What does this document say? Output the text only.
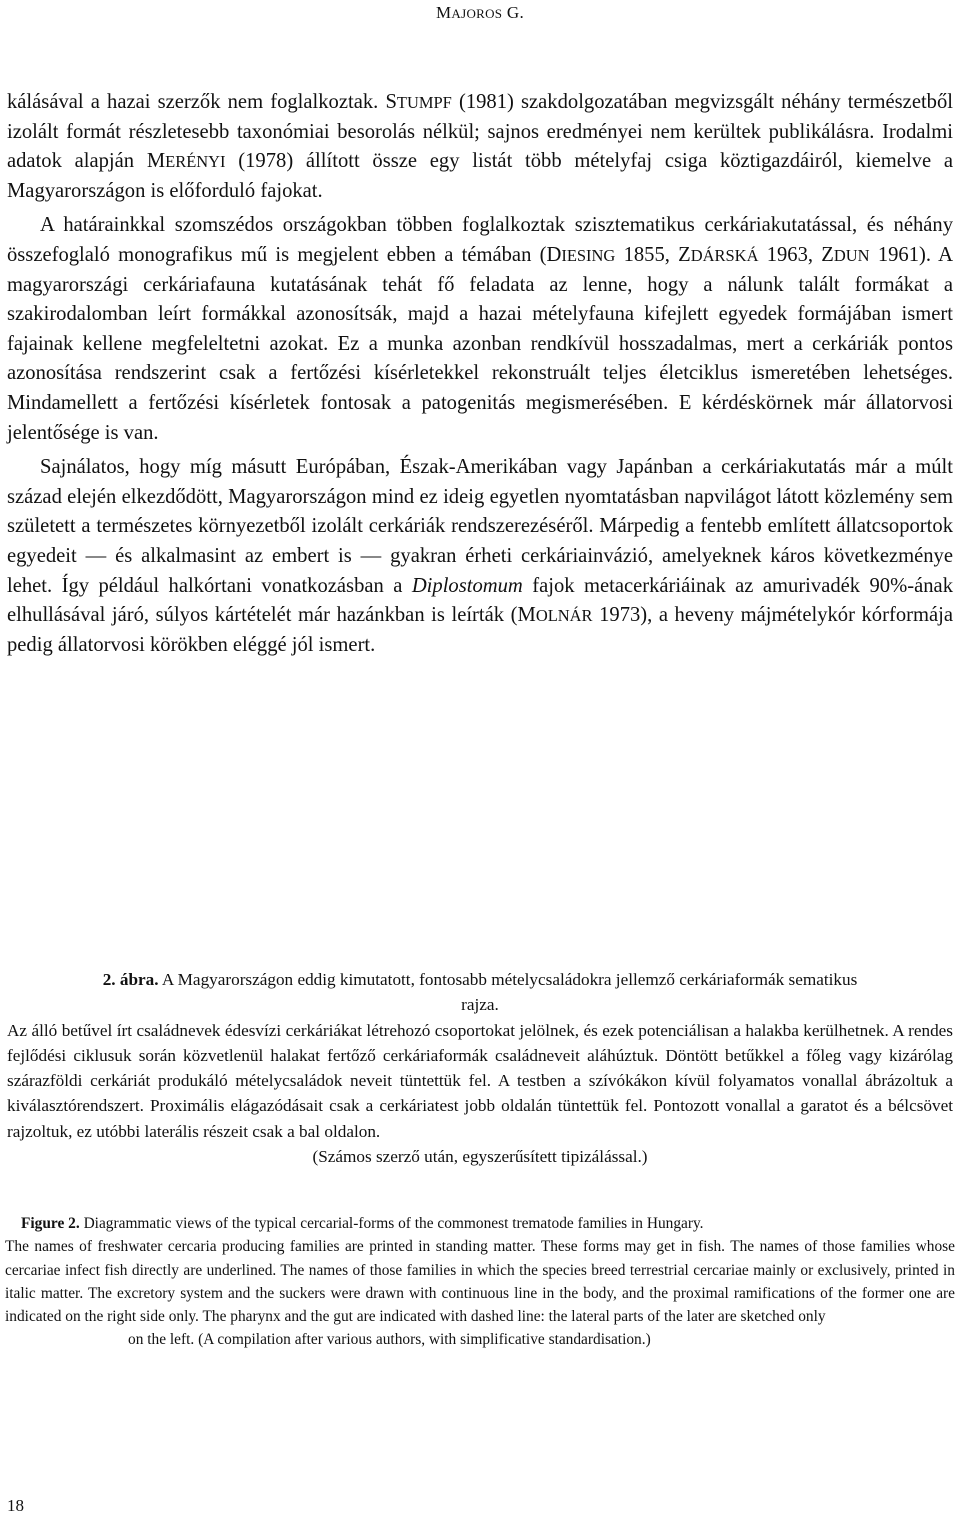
MAJOROS G.

kálásával a hazai szerzők nem foglalkoztak. STUMPF (1981) szakdolgozatában megvizsgált néhány természetből izolált formát részletesebb taxonómiai besorolás nélkül; sajnos eredményei nem kerültek publikálásra. Irodalmi adatok alapján MERÉNYI (1978) állított össze egy listát több mételyfaj csiga köztigazdáiról, kiemelve a Magyarországon is előforduló fajokat.

A határainkkal szomszédos országokban többen foglalkoztak szisztematikus cerkáriakutatással, és néhány összefoglaló monografikus mű is megjelent ebben a témában (DIESING 1855, ZDÁRSKÁ 1963, ZDUN 1961). A magyarországi cerkáriafauna kutatásának tehát fő feladata az lenne, hogy a nálunk talált formákat a szakirodalomban leírt formákkal azonosítsák, majd a hazai mételyfauna kifejlett egyedek formájában ismert fajainak kellene megfeleltetni azokat. Ez a munka azonban rendkívül hosszadalmas, mert a cerkáriák pontos azonosítása rendszerint csak a fertőzési kísérletekkel rekonstruált teljes életciklus ismeretében lehetséges. Mindamellett a fertőzési kísérletek fontosak a patogenitás megismerésében. E kérdéskörnek már állatorvosi jelentősége is van.

Sajnálatos, hogy míg másutt Európában, Észak-Amerikában vagy Japánban a cerkáriakutatás már a múlt század elején elkezdődött, Magyarországon mind ez ideig egyetlen nyomtatásban napvilágot látott közlemény sem született a természetes környezetből izolált cerkáriák rendszerezéséről. Márpedig a fentebb említett állatcsoportok egyedeit — és alkalmasint az embert is — gyakran érheti cerkáriainvázió, amelyeknek káros következménye lehet. Így például halkórtani vonatkozásban a Diplostomum fajok metacerkáriáinak az amurivadék 90%-ának elhullásával járó, súlyos kártételét már hazánkban is leírták (MOLNÁR 1973), a heveny májmételykór kórformája pedig állatorvosi körökben eléggé jól ismert.

2. ábra. A Magyarországon eddig kimutatott, fontosabb mételycsaládokra jellemző cerkáriaformák sematikus rajza.

Az álló betűvel írt családnevek édesvízi cerkáriákat létrehozó csoportokat jelölnek, és ezek potenciálisan a halakba kerülhetnek. A rendes fejlődési ciklusuk során közvetlenül halakat fertőző cerkáriaformák családneveit aláhúztuk. Döntött betűkkel a főleg vagy kizárólag szárazföldi cerkáriát produkáló mételycsaládok neveit tüntettük fel. A testben a szívókákon kívül folyamatos vonallal ábrázoltuk a kiválasztórendszert. Proximális elágazódásait csak a cerkáriatest jobb oldalán tüntettük fel. Pontozott vonallal a garatot és a bélcsövet rajzoltuk, ez utóbbi laterális részeit csak a bal oldalon.

(Számos szerző után, egyszerűsített tipizálással.)

Figure 2. Diagrammatic views of the typical cercarial-forms of the commonest trematode families in Hungary.

The names of freshwater cercaria producing families are printed in standing matter. These forms may get in fish. The names of those families whose cercariae infect fish directly are underlined. The names of those families in which the species breed terrestrial cercariae mainly or exclusively, printed in italic matter. The excretory system and the suckers were drawn with continuous line in the body, and the proximal ramifications of the former one are indicated on the right side only. The pharynx and the gut are indicated with dashed line: the lateral parts of the later are sketched only

on the left. (A compilation after various authors, with simplificative standardisation.)

18
